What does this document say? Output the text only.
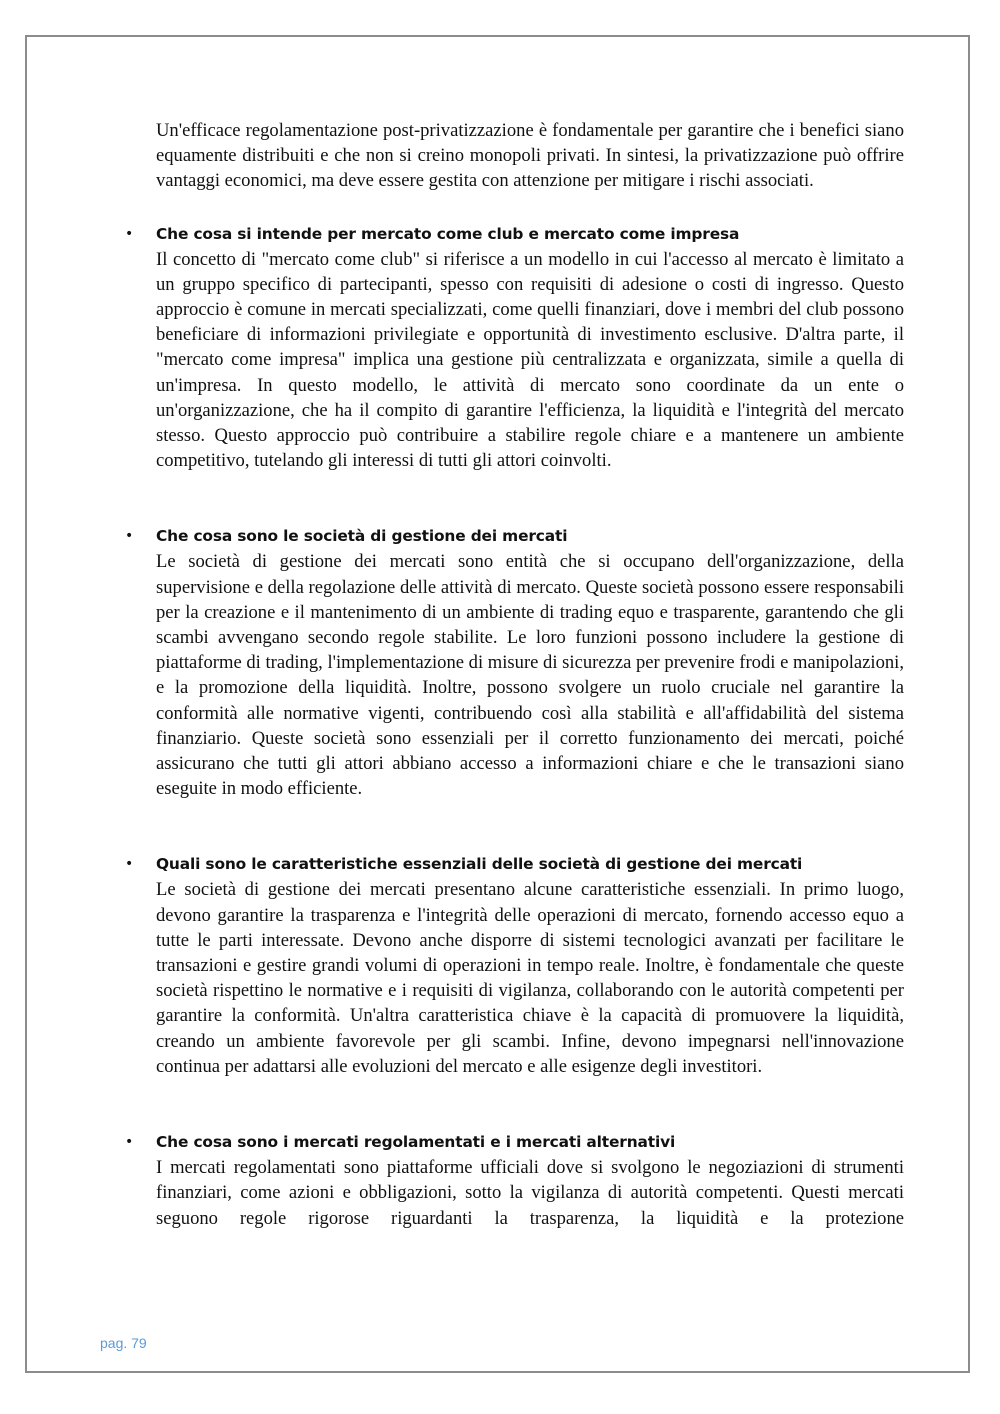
Un'efficace regolamentazione post-privatizzazione è fondamentale per garantire che i benefici siano equamente distribuiti e che non si creino monopoli privati. In sintesi, la privatizzazione può offrire vantaggi economici, ma deve essere gestita con attenzione per mitigare i rischi associati.

• Che cosa si intende per mercato come club e mercato come impresa

Il concetto di "mercato come club" si riferisce a un modello in cui l'accesso al mercato è limitato a un gruppo specifico di partecipanti, spesso con requisiti di adesione o costi di ingresso. Questo approccio è comune in mercati specializzati, come quelli finanziari, dove i membri del club possono beneficiare di informazioni privilegiate e opportunità di investimento esclusive. D'altra parte, il "mercato come impresa" implica una gestione più centralizzata e organizzata, simile a quella di un'impresa. In questo modello, le attività di mercato sono coordinate da un ente o un'organizzazione, che ha il compito di garantire l'efficienza, la liquidità e l'integrità del mercato stesso. Questo approccio può contribuire a stabilire regole chiare e a mantenere un ambiente competitivo, tutelando gli interessi di tutti gli attori coinvolti.

• Che cosa sono le società di gestione dei mercati

Le società di gestione dei mercati sono entità che si occupano dell'organizzazione, della supervisione e della regolazione delle attività di mercato. Queste società possono essere responsabili per la creazione e il mantenimento di un ambiente di trading equo e trasparente, garantendo che gli scambi avvengano secondo regole stabilite. Le loro funzioni possono includere la gestione di piattaforme di trading, l'implementazione di misure di sicurezza per prevenire frodi e manipolazioni, e la promozione della liquidità. Inoltre, possono svolgere un ruolo cruciale nel garantire la conformità alle normative vigenti, contribuendo così alla stabilità e all'affidabilità del sistema finanziario. Queste società sono essenziali per il corretto funzionamento dei mercati, poiché assicurano che tutti gli attori abbiano accesso a informazioni chiare e che le transazioni siano eseguite in modo efficiente.

• Quali sono le caratteristiche essenziali delle società di gestione dei mercati

Le società di gestione dei mercati presentano alcune caratteristiche essenziali. In primo luogo, devono garantire la trasparenza e l'integrità delle operazioni di mercato, fornendo accesso equo a tutte le parti interessate. Devono anche disporre di sistemi tecnologici avanzati per facilitare le transazioni e gestire grandi volumi di operazioni in tempo reale. Inoltre, è fondamentale che queste società rispettino le normative e i requisiti di vigilanza, collaborando con le autorità competenti per garantire la conformità. Un'altra caratteristica chiave è la capacità di promuovere la liquidità, creando un ambiente favorevole per gli scambi. Infine, devono impegnarsi nell'innovazione continua per adattarsi alle evoluzioni del mercato e alle esigenze degli investitori.

• Che cosa sono i mercati regolamentati e i mercati alternativi

I mercati regolamentati sono piattaforme ufficiali dove si svolgono le negoziazioni di strumenti finanziari, come azioni e obbligazioni, sotto la vigilanza di autorità competenti. Questi mercati seguono regole rigorose riguardanti la trasparenza, la liquidità e la protezione

pag. 79
